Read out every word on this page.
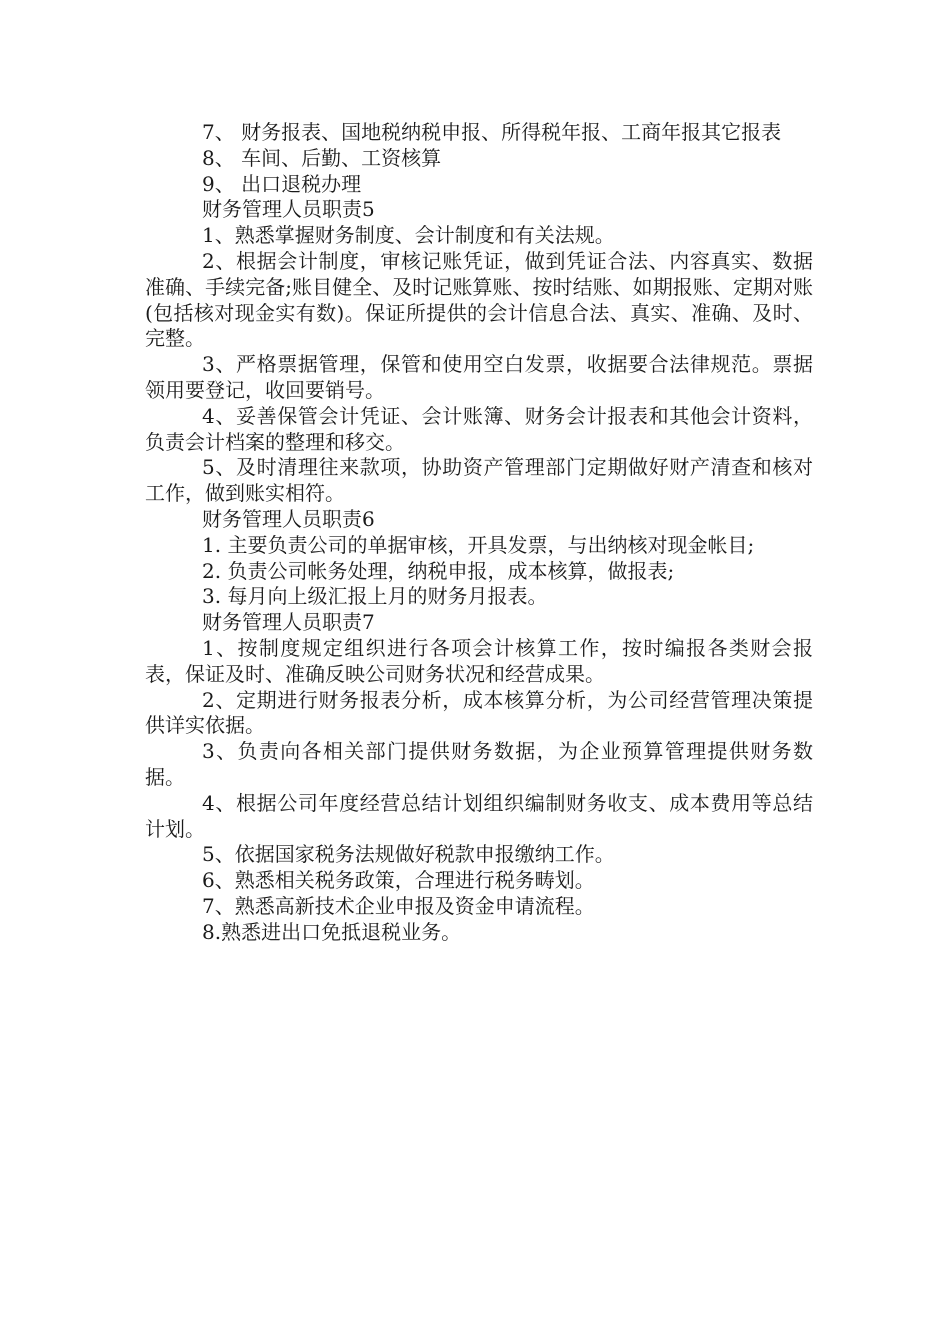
7、 财务报表、国地税纳税申报、所得税年报、工商年报其它报表

8、 车间、后勤、工资核算

9、 出口退税办理

财务管理人员职责5

1、熟悉掌握财务制度、会计制度和有关法规。

2、根据会计制度，审核记账凭证，做到凭证合法、内容真实、数据准确、手续完备;账目健全、及时记账算账、按时结账、如期报账、定期对账(包括核对现金实有数)。保证所提供的会计信息合法、真实、准确、及时、完整。

3、严格票据管理，保管和使用空白发票，收据要合法律规范。票据领用要登记，收回要销号。

4、妥善保管会计凭证、会计账簿、财务会计报表和其他会计资料，负责会计档案的整理和移交。

5、及时清理往来款项，协助资产管理部门定期做好财产清查和核对工作，做到账实相符。

财务管理人员职责6

1. 主要负责公司的单据审核，开具发票，与出纳核对现金帐目;

2. 负责公司帐务处理，纳税申报，成本核算，做报表;

3. 每月向上级汇报上月的财务月报表。

财务管理人员职责7

1、按制度规定组织进行各项会计核算工作，按时编报各类财会报表，保证及时、准确反映公司财务状况和经营成果。

2、定期进行财务报表分析，成本核算分析，为公司经营管理决策提供详实依据。

3、负责向各相关部门提供财务数据，为企业预算管理提供财务数据。

4、根据公司年度经营总结计划组织编制财务收支、成本费用等总结计划。

5、依据国家税务法规做好税款申报缴纳工作。

6、熟悉相关税务政策，合理进行税务畴划。

7、熟悉高新技术企业申报及资金申请流程。

8.熟悉进出口免抵退税业务。
